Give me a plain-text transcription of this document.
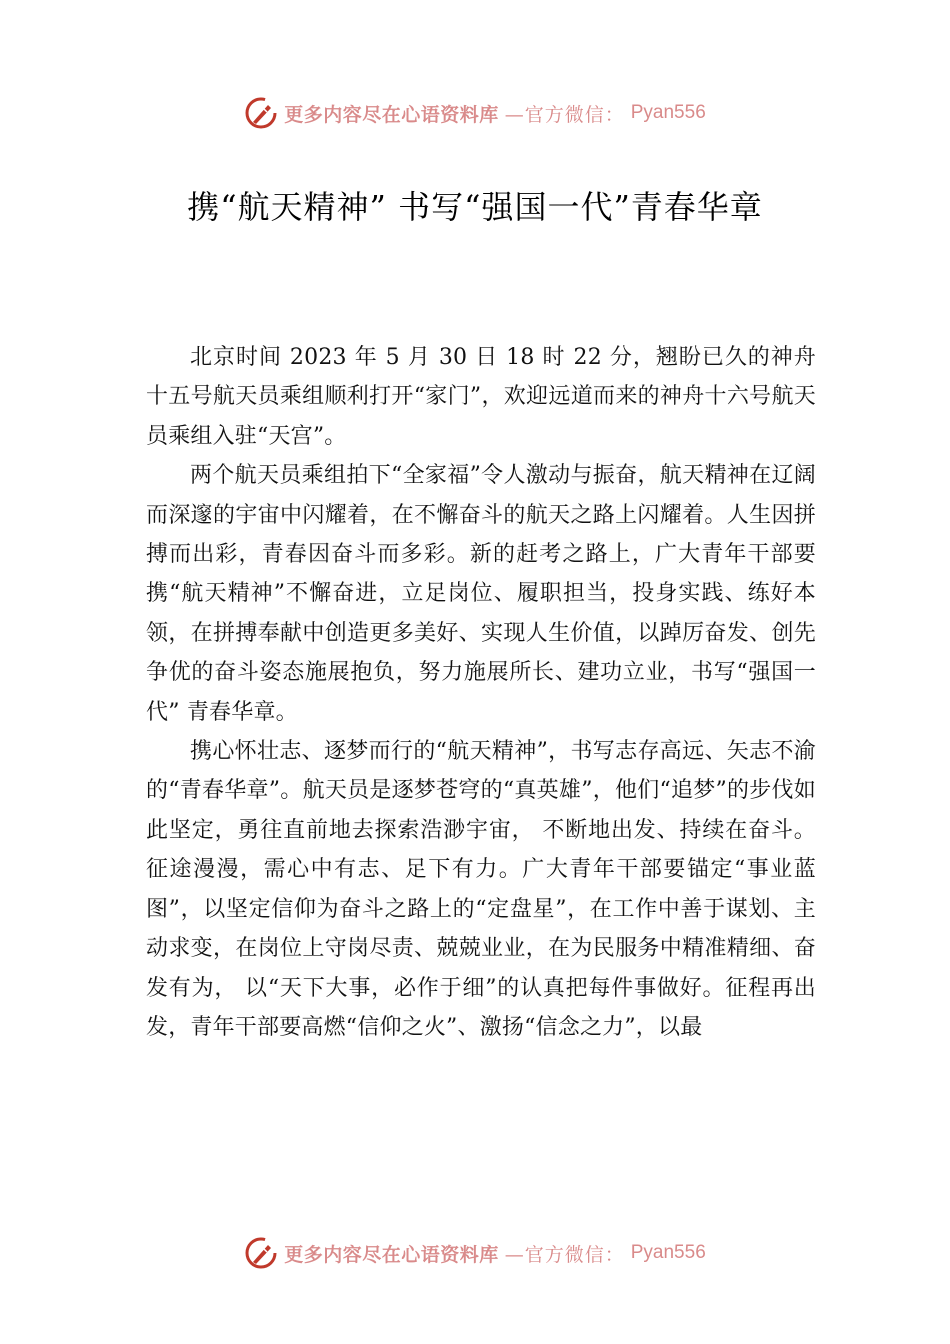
更多内容尽在心语资料库 —官方微信： Pyan556
携“航天精神” 书写“强国一代”青春华章

北京时间 2023 年 5 月 30 日 18 时 22 分，翘盼已久的神舟十五号航天员乘组顺利打开“家门”，欢迎远道而来的神舟十六号航天员乘组入驻“天宫”。

两个航天员乘组拍下“全家福”令人激动与振奋，航天精神在辽阔而深邃的宇宙中闪耀着，在不懈奋斗的航天之路上闪耀着。人生因拼搏而出彩，青春因奋斗而多彩。新的赶考之路上，广大青年干部要携“航天精神”不懈奋进，立足岗位、履职担当，投身实践、练好本领，在拼搏奉献中创造更多美好、实现人生价值，以踔厉奋发、创先争优的奋斗姿态施展抱负，努力施展所长、建功立业，书写“强国一代” 青春华章。

携心怀壮志、逐梦而行的“航天精神”，书写志存高远、矢志不渝的“青春华章”。航天员是逐梦苍穹的“真英雄”，他们“追梦”的步伐如此坚定，勇往直前地去探索浩渺宇宙， 不断地出发、持续在奋斗。征途漫漫，需心中有志、足下有力。广大青年干部要锚定“事业蓝图”，以坚定信仰为奋斗之路上的“定盘星”，在工作中善于谋划、主动求变，在岗位上守岗尽责、兢兢业业，在为民服务中精准精细、奋发有为， 以“天下大事，必作于细”的认真把每件事做好。征程再出发，青年干部要高燃“信仰之火”、激扬“信念之力”，以最

更多内容尽在心语资料库 —官方微信： Pyan556
